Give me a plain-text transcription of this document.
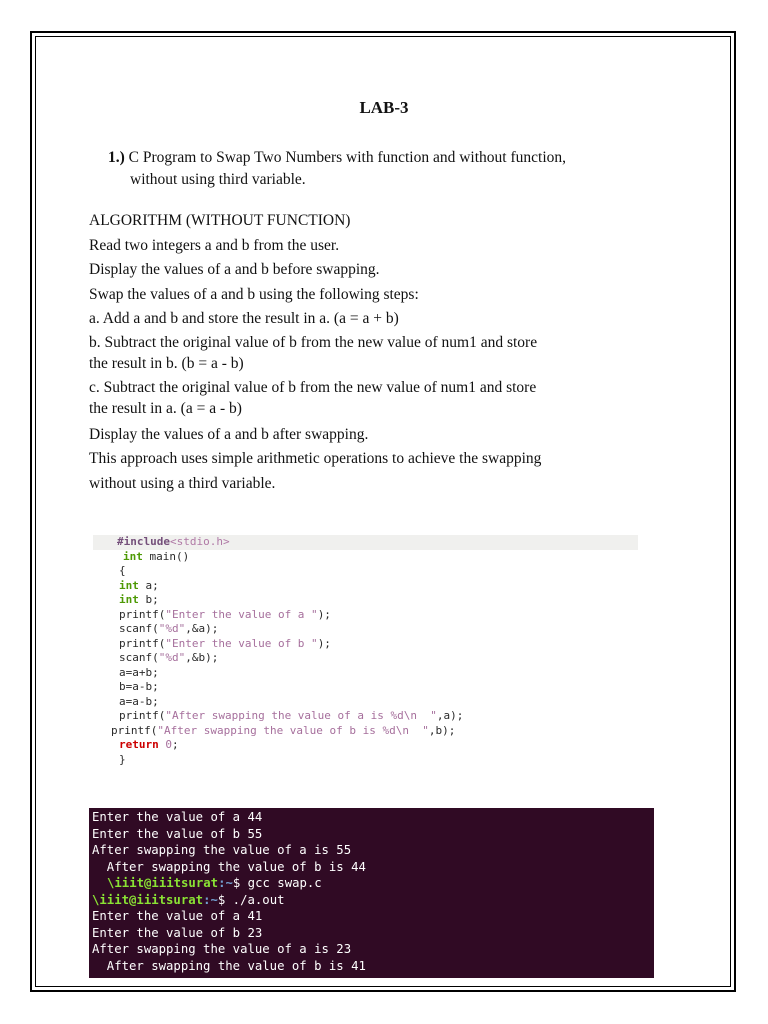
LAB-3
1.) C Program to Swap Two Numbers with function and without function,
without using third variable.
ALGORITHM (WITHOUT FUNCTION)
Read two integers a and b from the user.
Display the values of a and b before swapping.
Swap the values of a and b using the following steps:
a. Add a and b and store the result in a. (a = a + b)
b. Subtract the original value of b from the new value of num1 and store
the result in b. (b = a - b)
c. Subtract the original value of b from the new value of num1 and store
the result in a. (a = a - b)
Display the values of a and b after swapping.
This approach uses simple arithmetic operations to achieve the swapping
without using a third variable.
#include<stdio.h>
int main()
{
int a;
int b;
printf("Enter the value of a ");
scanf("%d",&a);
printf("Enter the value of b ");
scanf("%d",&b);
a=a+b;
b=a-b;
a=a-b;
printf("After swapping the value of a is %d\n  ",a);
printf("After swapping the value of b is %d\n  ",b);
return 0;
}
Enter the value of a 44
Enter the value of b 55
After swapping the value of a is 55
After swapping the value of b is 44
\iiit@iiitsurat:~$ gcc swap.c
\iiit@iiitsurat:~$ ./a.out
Enter the value of a 41
Enter the value of b 23
After swapping the value of a is 23
After swapping the value of b is 41
